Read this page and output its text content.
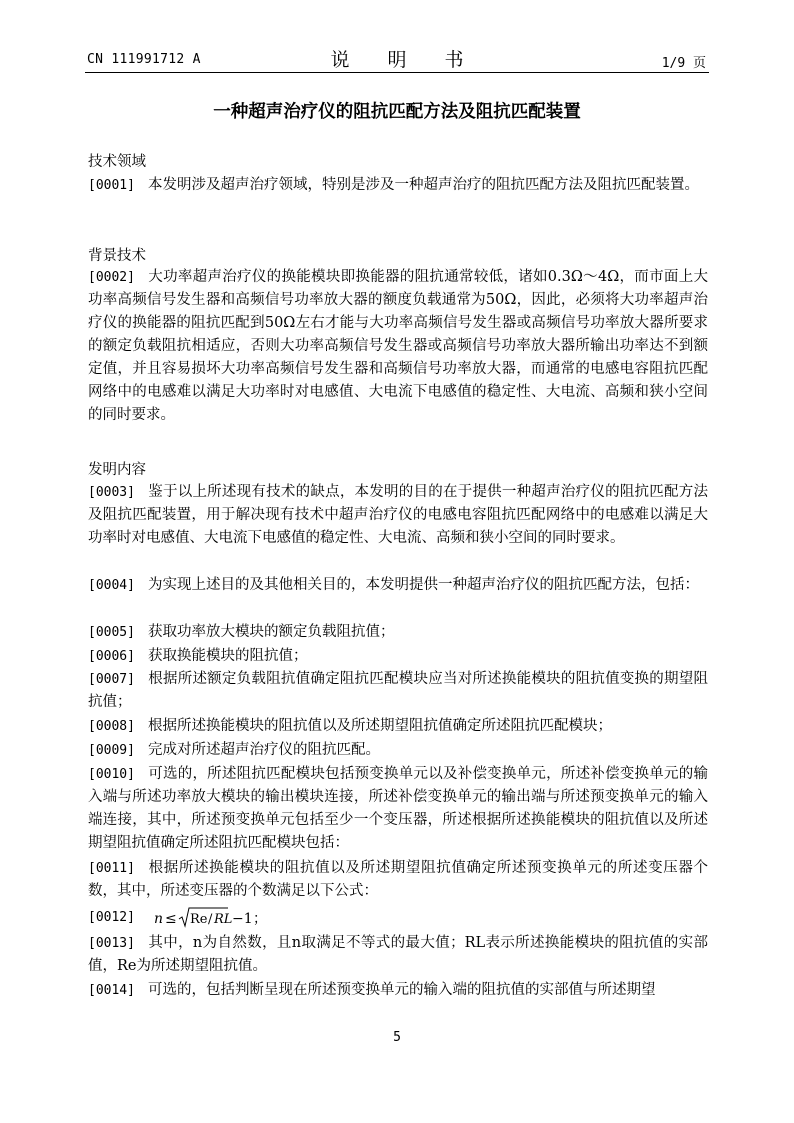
CN 111991712 A	说 明 书	1/9 页
一种超声治疗仪的阻抗匹配方法及阻抗匹配装置
技术领域
[0001] 本发明涉及超声治疗领域，特别是涉及一种超声治疗的阻抗匹配方法及阻抗匹配装置。
背景技术
[0002] 大功率超声治疗仪的换能模块即换能器的阻抗通常较低，诸如0.3Ω～4Ω，而市面上大功率高频信号发生器和高频信号功率放大器的额度负载通常为50Ω，因此，必须将大功率超声治疗仪的换能器的阻抗匹配到50Ω左右才能与大功率高频信号发生器或高频信号功率放大器所要求的额定负载阻抗相适应，否则大功率高频信号发生器或高频信号功率放大器所输出功率达不到额定值，并且容易损坏大功率高频信号发生器和高频信号功率放大器，而通常的电感电容阻抗匹配网络中的电感难以满足大功率时对电感值、大电流下电感值的稳定性、大电流、高频和狭小空间的同时要求。
发明内容
[0003] 鉴于以上所述现有技术的缺点，本发明的目的在于提供一种超声治疗仪的阻抗匹配方法及阻抗匹配装置，用于解决现有技术中超声治疗仪的电感电容阻抗匹配网络中的电感难以满足大功率时对电感值、大电流下电感值的稳定性、大电流、高频和狭小空间的同时要求。
[0004] 为实现上述目的及其他相关目的，本发明提供一种超声治疗仪的阻抗匹配方法，包括：
[0005] 获取功率放大模块的额定负载阻抗值；
[0006] 获取换能模块的阻抗值；
[0007] 根据所述额定负载阻抗值确定阻抗匹配模块应当对所述换能模块的阻抗值变换的期望阻抗值；
[0008] 根据所述换能模块的阻抗值以及所述期望阻抗值确定所述阻抗匹配模块；
[0009] 完成对所述超声治疗仪的阻抗匹配。
[0010] 可选的，所述阻抗匹配模块包括预变换单元以及补偿变换单元，所述补偿变换单元的输入端与所述功率放大模块的输出模块连接，所述补偿变换单元的输出端与所述预变换单元的输入端连接，其中，所述预变换单元包括至少一个变压器，所述根据所述换能模块的阻抗值以及所述期望阻抗值确定所述阻抗匹配模块包括：
[0011] 根据所述换能模块的阻抗值以及所述期望阻抗值确定所述预变换单元的所述变压器个数，其中，所述变压器的个数满足以下公式：
[0012] n ≤ Re / RL −1 ；
[0013] 其中，n为自然数，且n取满足不等式的最大值；RL表示所述换能模块的阻抗值的实部值，Re为所述期望阻抗值。
[0014] 可选的，包括判断呈现在所述预变换单元的输入端的阻抗值的实部值与所述期望
5
